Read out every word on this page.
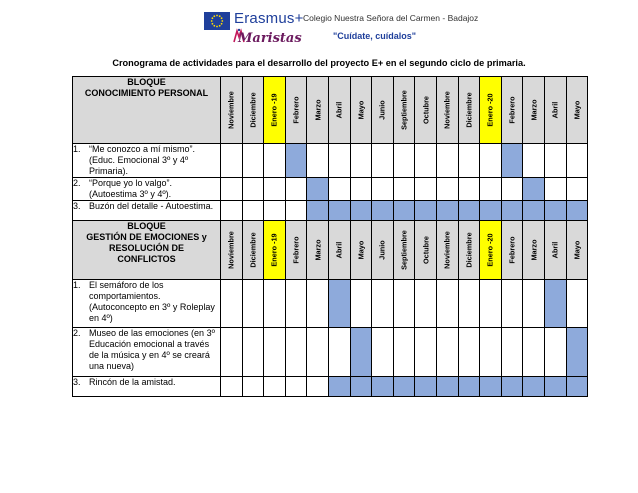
Erasmus+ Colegio Nuestra Señora del Carmen - Badajoz
Maristas	"Cuídate, cuídalos"
Cronograma de actividades para el desarrollo del proyecto E+ en el segundo ciclo de primaria.
BLOQUE
CONOCIMIENTO PERSONAL	Noviembre	Diciembre	Enero -19	Febrero	Marzo	Abril	Mayo	Junio	Septiembre	Octubre	Noviembre	Diciembre	Enero -20	Febrero	Marzo	Abril	Mayo

1. “Me conozco a mí mismo”. (Educ. Emocional 3º y 4º Primaria).																	

2. “Porque yo lo valgo”. (Autoestima 3º y 4º).																	

3. Buzón del detalle - Autoestima.																	

BLOQUE
GESTIÓN DE EMOCIONES y
RESOLUCIÓN DE
CONFLICTOS	Noviembre	Diciembre	Enero -19	Febrero	Marzo	Abril	Mayo	Junio	Septiembre	Octubre	Noviembre	Diciembre	Enero -20	Febrero	Marzo	Abril	Mayo

1. El semáforo de los comportamientos. (Autoconcepto en 3º y Roleplay en 4º)																	

2. Museo de las emociones (en 3º Educación emocional a través de la música y en 4º se creará una nueva)																	

3. Rincón de la amistad.																	
